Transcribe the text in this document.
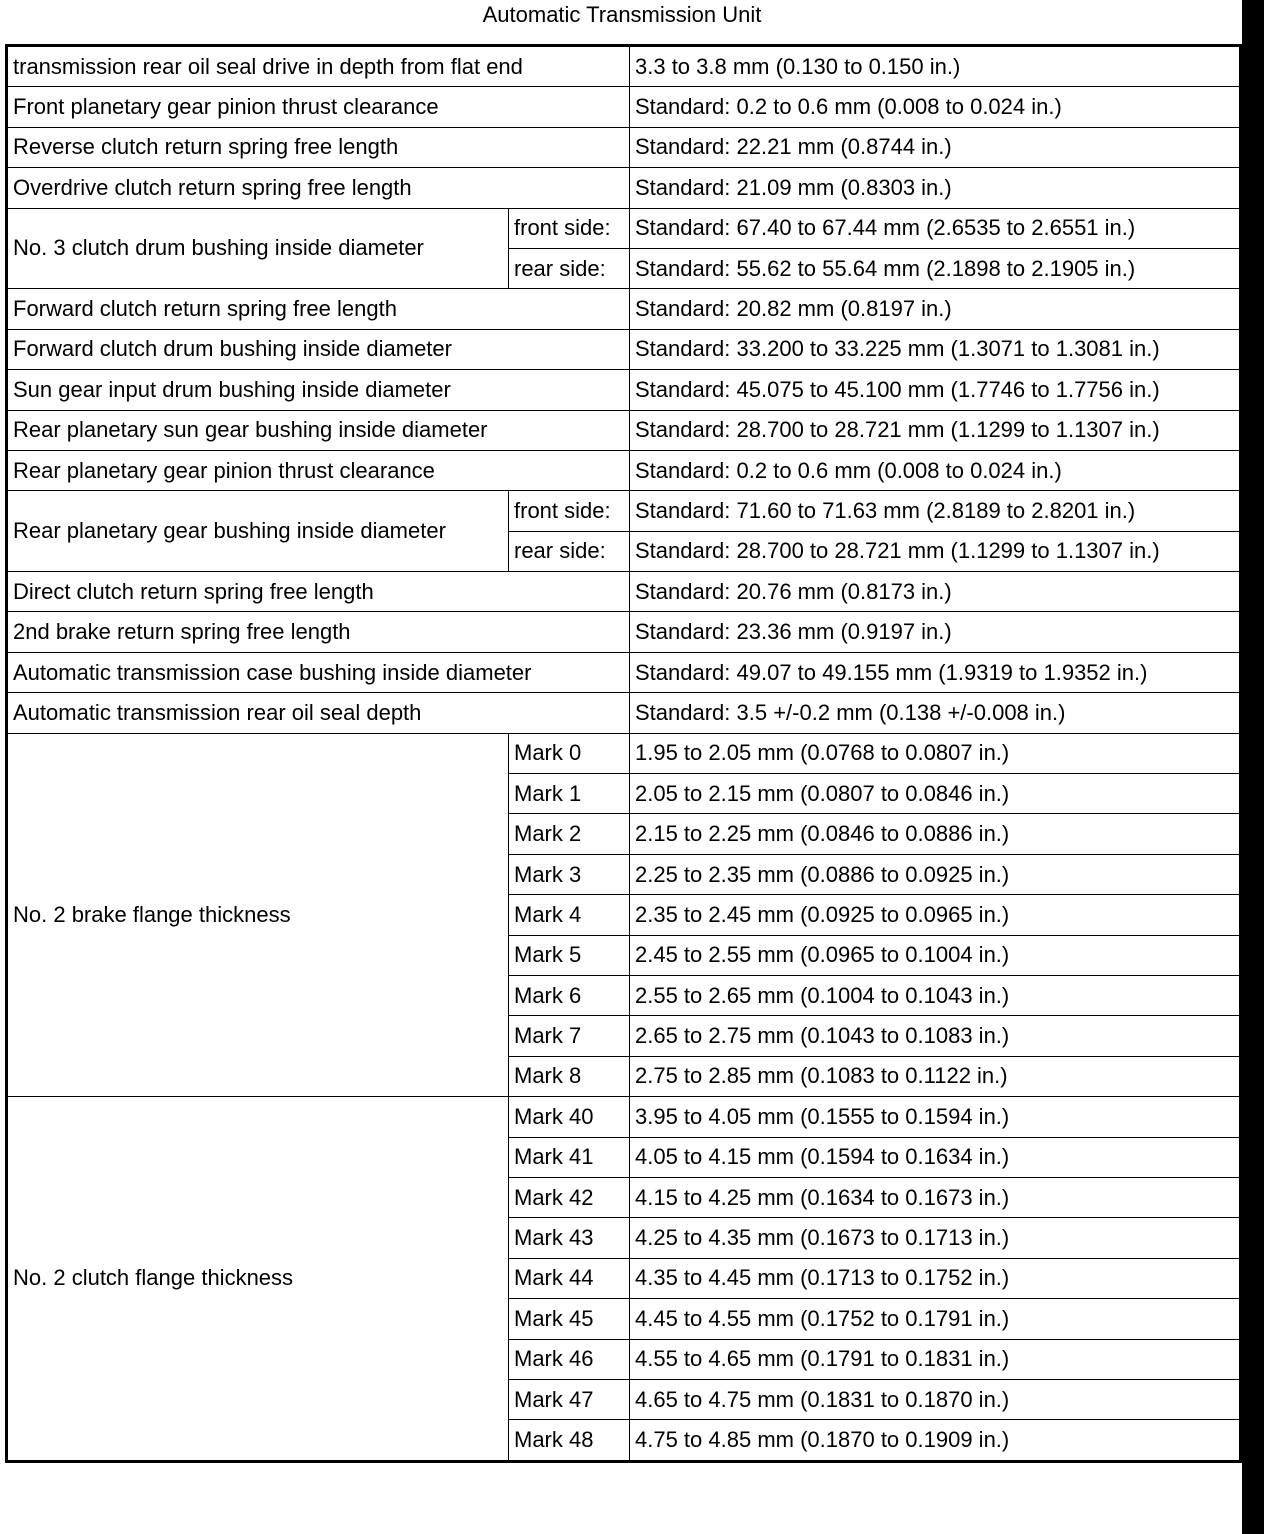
Automatic Transmission Unit
transmission rear oil seal drive in depth from flat end		3.3 to 3.8 mm (0.130 to 0.150 in.)
Front planetary gear pinion thrust clearance		Standard: 0.2 to 0.6 mm (0.008 to 0.024 in.)
Reverse clutch return spring free length		Standard: 22.21 mm (0.8744 in.)
Overdrive clutch return spring free length		Standard: 21.09 mm (0.8303 in.)
No. 3 clutch drum bushing inside diameter	front side:	Standard: 67.40 to 67.44 mm (2.6535 to 2.6551 in.)
	rear side:	Standard: 55.62 to 55.64 mm (2.1898 to 2.1905 in.)
Forward clutch return spring free length		Standard: 20.82 mm (0.8197 in.)
Forward clutch drum bushing inside diameter		Standard: 33.200 to 33.225 mm (1.3071 to 1.3081 in.)
Sun gear input drum bushing inside diameter		Standard: 45.075 to 45.100 mm (1.7746 to 1.7756 in.)
Rear planetary sun gear bushing inside diameter		Standard: 28.700 to 28.721 mm (1.1299 to 1.1307 in.)
Rear planetary gear pinion thrust clearance		Standard: 0.2 to 0.6 mm (0.008 to 0.024 in.)
Rear planetary gear bushing inside diameter	front side:	Standard: 71.60 to 71.63 mm (2.8189 to 2.8201 in.)
	rear side:	Standard: 28.700 to 28.721 mm (1.1299 to 1.1307 in.)
Direct clutch return spring free length		Standard: 20.76 mm (0.8173 in.)
2nd brake return spring free length		Standard: 23.36 mm (0.9197 in.)
Automatic transmission case bushing inside diameter		Standard: 49.07 to 49.155 mm (1.9319 to 1.9352 in.)
Automatic transmission rear oil seal depth		Standard: 3.5 +/-0.2 mm (0.138 +/-0.008 in.)
No. 2 brake flange thickness	Mark 0	1.95 to 2.05 mm (0.0768 to 0.0807 in.)
	Mark 1	2.05 to 2.15 mm (0.0807 to 0.0846 in.)
	Mark 2	2.15 to 2.25 mm (0.0846 to 0.0886 in.)
	Mark 3	2.25 to 2.35 mm (0.0886 to 0.0925 in.)
	Mark 4	2.35 to 2.45 mm (0.0925 to 0.0965 in.)
	Mark 5	2.45 to 2.55 mm (0.0965 to 0.1004 in.)
	Mark 6	2.55 to 2.65 mm (0.1004 to 0.1043 in.)
	Mark 7	2.65 to 2.75 mm (0.1043 to 0.1083 in.)
	Mark 8	2.75 to 2.85 mm (0.1083 to 0.1122 in.)
No. 2 clutch flange thickness	Mark 40	3.95 to 4.05 mm (0.1555 to 0.1594 in.)
	Mark 41	4.05 to 4.15 mm (0.1594 to 0.1634 in.)
	Mark 42	4.15 to 4.25 mm (0.1634 to 0.1673 in.)
	Mark 43	4.25 to 4.35 mm (0.1673 to 0.1713 in.)
	Mark 44	4.35 to 4.45 mm (0.1713 to 0.1752 in.)
	Mark 45	4.45 to 4.55 mm (0.1752 to 0.1791 in.)
	Mark 46	4.55 to 4.65 mm (0.1791 to 0.1831 in.)
	Mark 47	4.65 to 4.75 mm (0.1831 to 0.1870 in.)
	Mark 48	4.75 to 4.85 mm (0.1870 to 0.1909 in.)
